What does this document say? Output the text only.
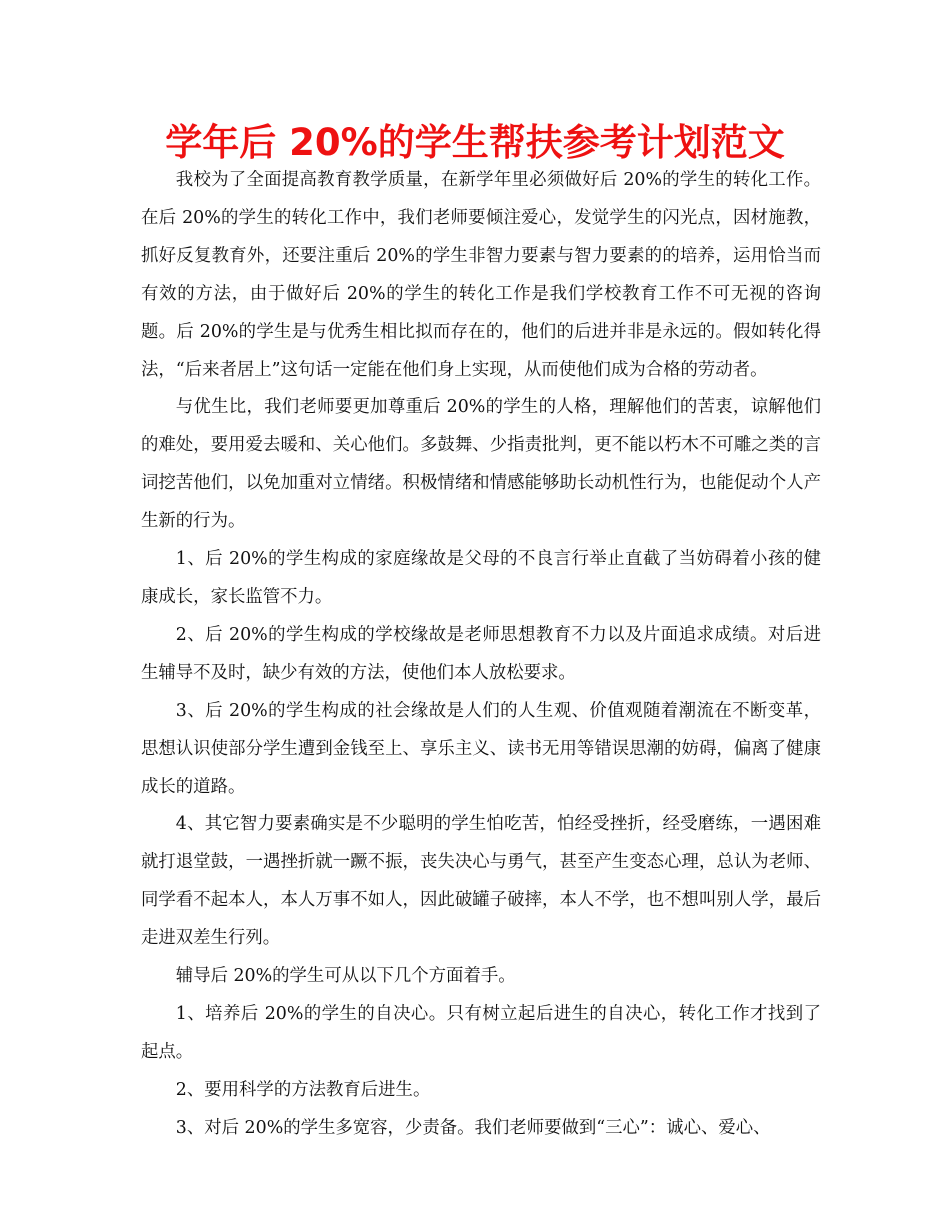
学年后 20%的学生帮扶参考计划范文

我校为了全面提高教育教学质量，在新学年里必须做好后 20%的学生的转化工作。在后 20%的学生的转化工作中，我们老师要倾注爱心，发觉学生的闪光点，因材施教，抓好反复教育外，还要注重后 20%的学生非智力要素与智力要素的的培养，运用恰当而有效的方法，由于做好后 20%的学生的转化工作是我们学校教育工作不可无视的咨询题。后 20%的学生是与优秀生相比拟而存在的，他们的后进并非是永远的。假如转化得法，“后来者居上”这句话一定能在他们身上实现，从而使他们成为合格的劳动者。

与优生比，我们老师要更加尊重后 20%的学生的人格，理解他们的苦衷，谅解他们的难处，要用爱去暖和、关心他们。多鼓舞、少指责批判，更不能以朽木不可雕之类的言词挖苦他们，以免加重对立情绪。积极情绪和情感能够助长动机性行为，也能促动个人产生新的行为。

1、后 20%的学生构成的家庭缘故是父母的不良言行举止直截了当妨碍着小孩的健康成长，家长监管不力。

2、后 20%的学生构成的学校缘故是老师思想教育不力以及片面追求成绩。对后进生辅导不及时，缺少有效的方法，使他们本人放松要求。

3、后 20%的学生构成的社会缘故是人们的人生观、价值观随着潮流在不断变革，思想认识使部分学生遭到金钱至上、享乐主义、读书无用等错误思潮的妨碍，偏离了健康成长的道路。

4、其它智力要素确实是不少聪明的学生怕吃苦，怕经受挫折，经受磨练，一遇困难就打退堂鼓，一遇挫折就一蹶不振，丧失决心与勇气，甚至产生变态心理，总认为老师、同学看不起本人，本人万事不如人，因此破罐子破摔，本人不学，也不想叫别人学，最后走进双差生行列。

辅导后 20%的学生可从以下几个方面着手。

1、培养后 20%的学生的自决心。只有树立起后进生的自决心，转化工作才找到了起点。

2、要用科学的方法教育后进生。

3、对后 20%的学生多宽容，少责备。我们老师要做到“三心”：诚心、爱心、
